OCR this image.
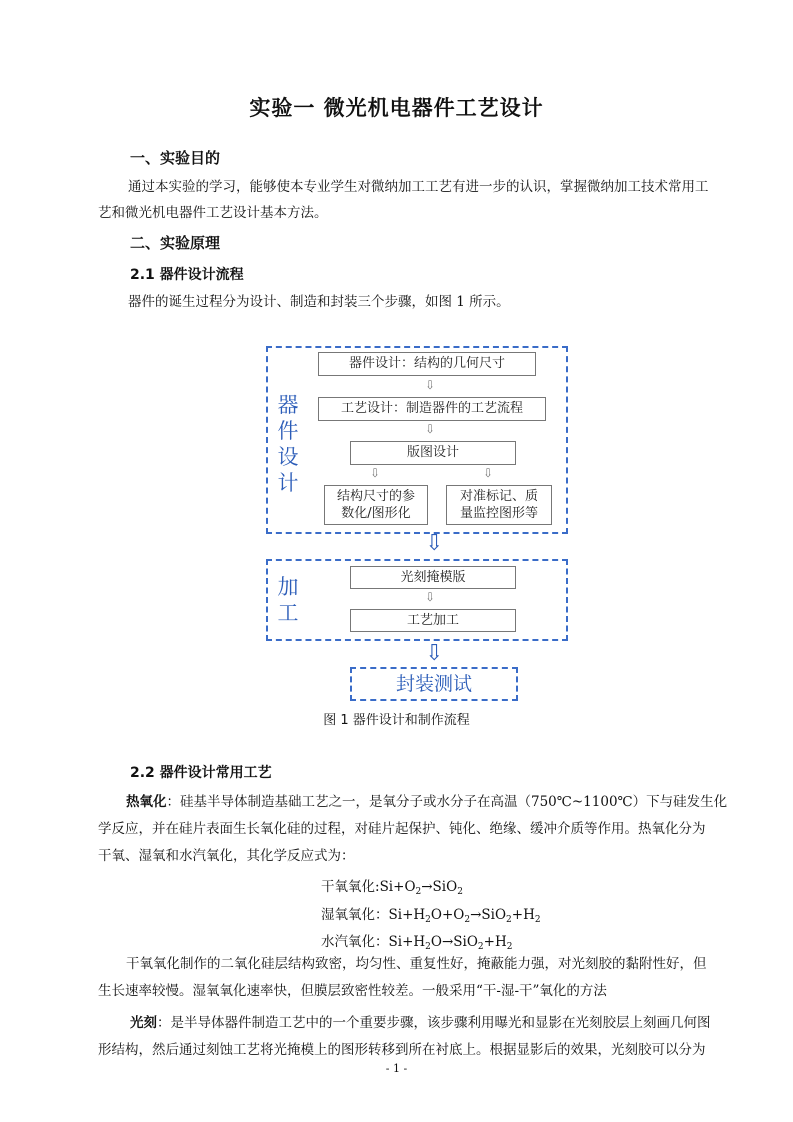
实验一 微光机电器件工艺设计
一、实验目的
通过本实验的学习，能够使本专业学生对微纳加工工艺有进一步的认识，掌握微纳加工技术常用工
艺和微光机电器件工艺设计基本方法。
二、实验原理
2.1 器件设计流程
器件的诞生过程分为设计、制造和封装三个步骤，如图 1 所示。
器件设计
器件设计：结构的几何尺寸
⇩
工艺设计：制造器件的工艺流程
⇩
版图设计
⇩	⇩
结构尺寸的参
数化/图形化
对准标记、质
量监控图形等
⇩
加工
光刻掩模版
⇩
工艺加工
⇩
封装测试
图 1 器件设计和制作流程
2.2 器件设计常用工艺
热氧化：硅基半导体制造基础工艺之一，是氧分子或水分子在高温（750℃~1100℃）下与硅发生化
学反应，并在硅片表面生长氧化硅的过程，对硅片起保护、钝化、绝缘、缓冲介质等作用。热氧化分为
干氧、湿氧和水汽氧化，其化学反应式为：
干氧氧化$:Si+O_2\to SiO_2$
湿氧氧化：$Si+H_2O+O_2\to SiO_2+H_2$
水汽氧化：$Si+H_2O\to SiO_2+H_2$
干氧氧化制作的二氧化硅层结构致密，均匀性、重复性好，掩蔽能力强，对光刻胶的黏附性好，但
生长速率较慢。湿氧氧化速率快，但膜层致密性较差。一般采用“干-湿-干”氧化的方法
光刻：是半导体器件制造工艺中的一个重要步骤，该步骤利用曝光和显影在光刻胶层上刻画几何图
形结构，然后通过刻蚀工艺将光掩模上的图形转移到所在衬底上。根据显影后的效果，光刻胶可以分为
- 1 -
